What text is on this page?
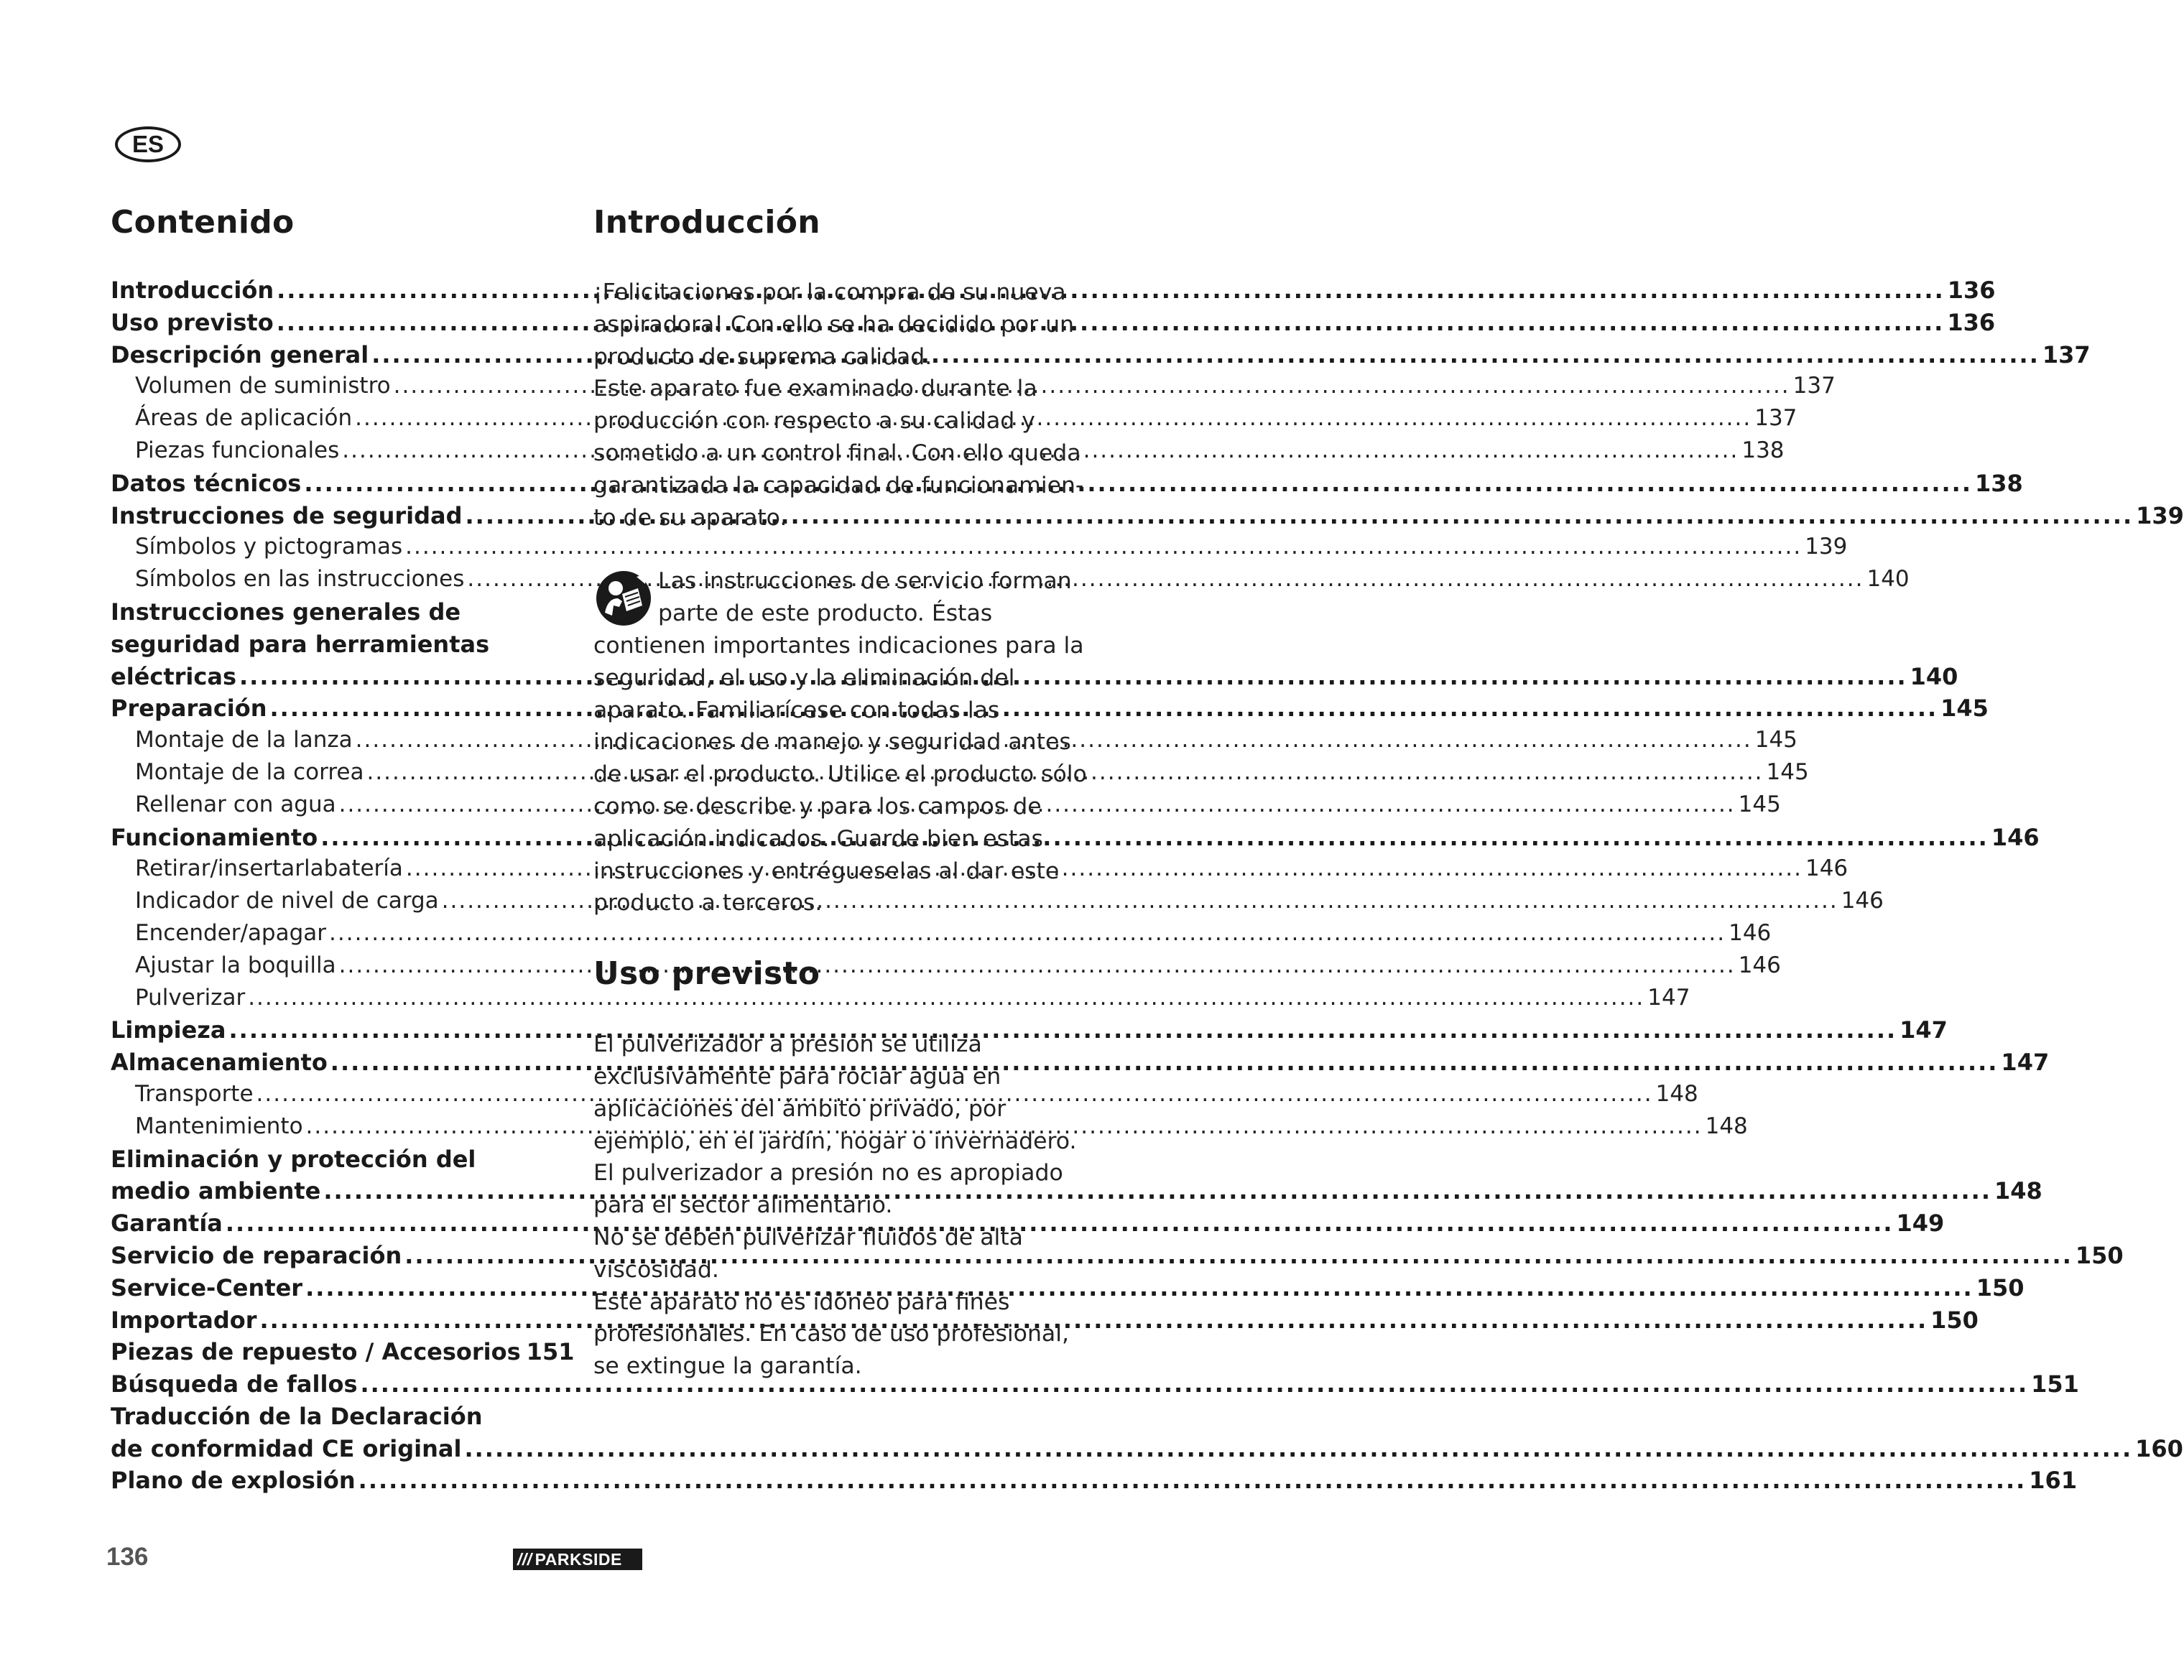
ES
Contenido
Introducción .....	136
Uso previsto .....	136
Descripción general .....	137
Volumen de suministro .....	137
Áreas de aplicación .....	137
Piezas funcionales .....	138
Datos técnicos .....	138
Instrucciones de seguridad .....	139
Símbolos y pictogramas .....	139
Símbolos en las instrucciones .....	140
Instrucciones generales de
seguridad para herramientas
eléctricas .....	140
Preparación .....	145
Montaje de la lanza .....	145
Montaje de la correa .....	145
Rellenar con agua .....	145
Funcionamiento .....	146
Retirar/insertarlabatería .....	146
Indicador de nivel de carga .....	146
Encender/apagar .....	146
Ajustar la boquilla .....	146
Pulverizar .....	147
Limpieza .....	147
Almacenamiento .....	147
Transporte .....	148
Mantenimiento .....	148
Eliminación y protección del
medio ambiente .....	148
Garantía .....	149
Servicio de reparación .....	150
Service-Center .....	150
Importador .....	150
Piezas de repuesto / Accesorios 151
Búsqueda de fallos .....	151
Traducción de la Declaración
de conformidad CE original .....	160
Plano de explosión .....	161
Introducción

¡Felicitaciones por la compra de su nueva

aspiradora! Con ello se ha decidido por un

producto de suprema calidad.

Este aparato fue examinado durante la

producción con respecto a su calidad y

sometido a un control final. Con ello queda

garantizada la capacidad de funcionamien-

to de su aparato.

Las instrucciones de servicio forman

parte de este producto. Éstas

contienen importantes indicaciones para la

seguridad, el uso y la eliminación del

aparato. Familiarícese con todas las

indicaciones de manejo y seguridad antes

de usar el producto. Utilice el producto sólo

como se describe y para los campos de

aplicación indicados. Guarde bien estas

instrucciones y entrégueselas al dar este

producto a terceros.

Uso previsto

El pulverizador a presión se utiliza

exclusivamente para rociar agua en

aplicaciones del ámbito privado, por

ejemplo, en el jardín, hogar o invernadero.

El pulverizador a presión no es apropiado

para el sector alimentario.

No se deben pulverizar fluidos de alta

viscosidad.

Este aparato no es idóneo para fines

profesionales. En caso de uso profesional,

se extingue la garantía.

136	/// PARKSIDE
